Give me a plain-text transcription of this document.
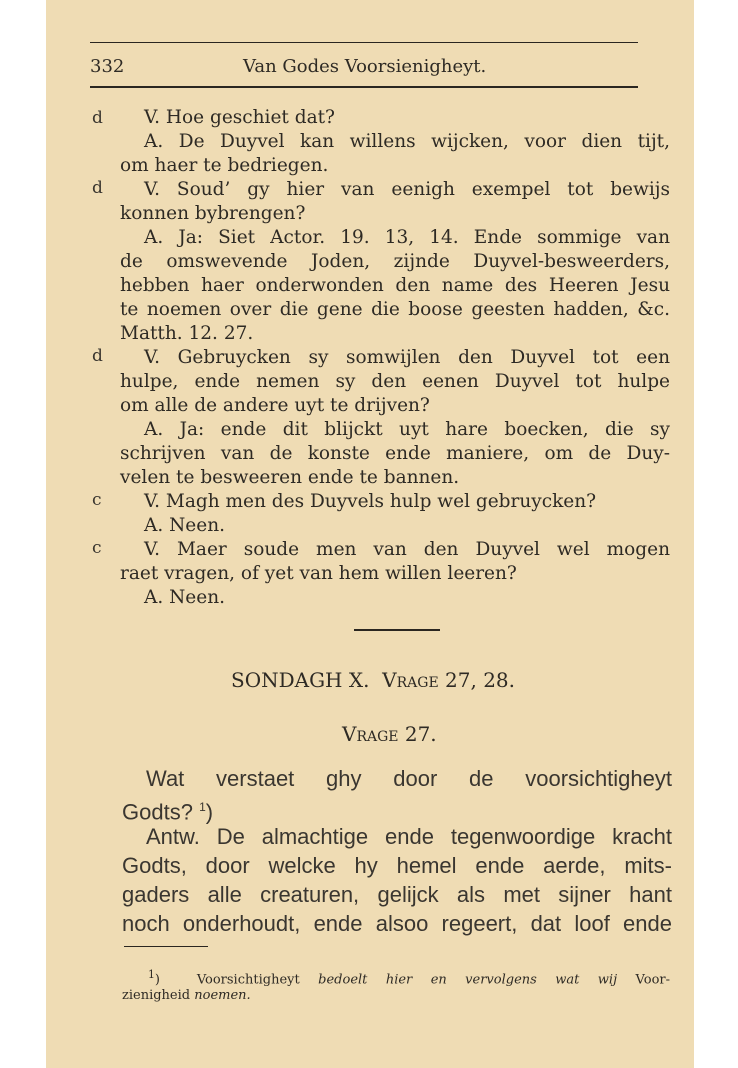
332	Van Godes Voorsienigheyt.
d
d
d
c
c
V. Hoe geschiet dat?
A. De Duyvel kan willens wijcken, voor dien tijt,
om haer te bedriegen.
V. Soud’ gy hier van eenigh exempel tot bewijs
konnen bybrengen?
A. Ja: Siet Actor. 19. 13, 14. Ende sommige van
de omswevende Joden, zijnde Duyvel-besweerders,
hebben haer onderwonden den name des Heeren Jesu
te noemen over die gene die boose geesten hadden, &c.
Matth. 12. 27.
V. Gebruycken sy somwijlen den Duyvel tot een
hulpe, ende nemen sy den eenen Duyvel tot hulpe
om alle de andere uyt te drijven?
A. Ja: ende dit blijckt uyt hare boecken, die sy
schrijven van de konste ende maniere, om de Duy-
velen te besweeren ende te bannen.
V. Magh men des Duyvels hulp wel gebruycken?
A. Neen.
V. Maer soude men van den Duyvel wel mogen
raet vragen, of yet van hem willen leeren?
A. Neen.
SONDAGH X. Vrage 27, 28.
Vrage 27.
Wat verstaet ghy door de voorsichtigheyt
Godts? $^1$)
Antw. De almachtige ende tegenwoordige kracht
Godts, door welcke hy hemel ende aerde, mits-
gaders alle creaturen, gelijck als met sijner hant
noch onderhoudt, ende alsoo regeert, dat loof ende
$^1$)  Voorsichtigheyt bedoelt hier en vervolgens wat wij Voor-
zienigheid noemen.
